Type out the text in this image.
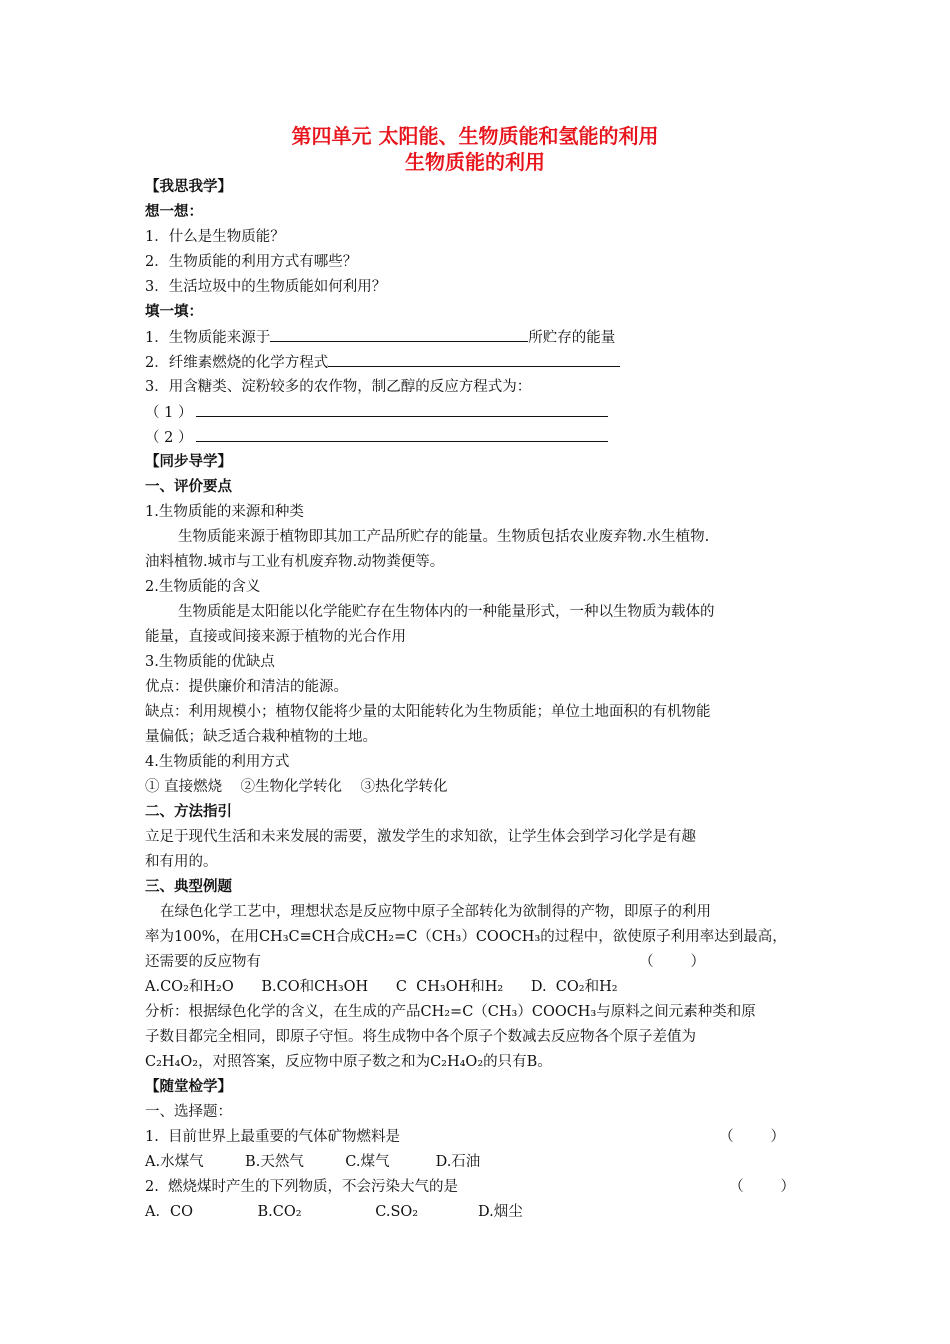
第四单元 太阳能、生物质能和氢能的利用
生物质能的利用
【我思我学】
想一想：
1．什么是生物质能？
2．生物质能的利用方式有哪些？
3．生活垃圾中的生物质能如何利用？
填一填：
1．生物质能来源于	所贮存的能量
2．纤维素燃烧的化学方程式
3．用含糖类、淀粉较多的农作物，制乙醇的反应方程式为：
（ 1 ）
（ 2 ）
【同步导学】
一、评价要点
1.生物质能的来源和种类
生物质能来源于植物即其加工产品所贮存的能量。生物质包括农业废弃物.水生植物.
油料植物.城市与工业有机废弃物.动物粪便等。
2.生物质能的含义
生物质能是太阳能以化学能贮存在生物体内的一种能量形式，一种以生物质为载体的
能量，直接或间接来源于植物的光合作用
3.生物质能的优缺点
优点：提供廉价和清洁的能源。
缺点：利用规模小；植物仅能将少量的太阳能转化为生物质能；单位土地面积的有机物能
量偏低；缺乏适合栽种植物的土地。
4.生物质能的利用方式
① 直接燃烧    ②生物化学转化    ③热化学转化
二、方法指引
立足于现代生活和未来发展的需要，激发学生的求知欲，让学生体会到学习化学是有趣
和有用的。
三、典型例题
在绿色化学工艺中，理想状态是反应物中原子全部转化为欲制得的产物，即原子的利用
率为100%，在用CH₃C≡CH合成CH₂=C（CH₃）COOCH₃的过程中，欲使原子利用率达到最高，
还需要的反应物有	（        ）
A.CO₂和H₂O      B.CO和CH₃OH      C  CH₃OH和H₂      D.  CO₂和H₂
分析：根据绿色化学的含义，在生成的产品CH₂=C（CH₃）COOCH₃与原料之间元素种类和原
子数目都完全相同，即原子守恒。将生成物中各个原子个数减去反应物各个原子差值为
C₂H₄O₂，对照答案，反应物中原子数之和为C₂H₄O₂的只有B。
【随堂检学】
一、选择题：
1.  目前世界上最重要的气体矿物燃料是	（        ）
A.水煤气         B.天然气         C.煤气          D.石油
2.  燃烧煤时产生的下列物质，不会污染大气的是	（        ）
A．CO              B.CO₂                C.SO₂             D.烟尘
